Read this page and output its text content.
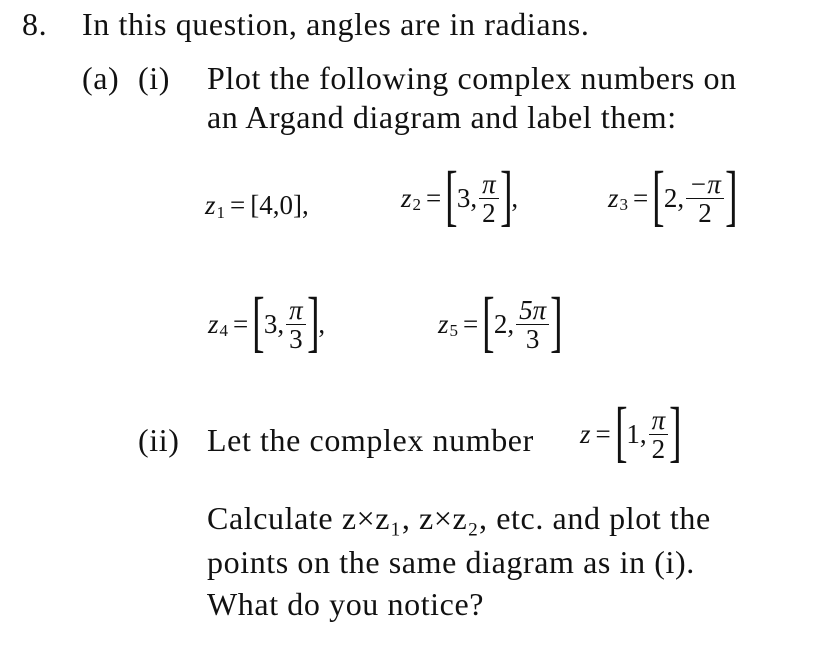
8. In this question, angles are in radians.
(a) (i) Plot the following complex numbers on
an Argand diagram and label them:
z 1 = [4,0],	z 2 = [ 3, $\frac{\pi}{2}$ ] ,	z 3 = [ 2, $\frac{-\pi}{2}$ ]
z 4 = [ 3, $\frac{\pi}{3}$ ] ,	z 5 = [ 2, $\frac{5\pi}{3}$ ]
(ii) Let the complex number z = [ 1, $\frac{\pi}{2}$ ]
Calculate z×z₁, z×z₂, etc. and plot the
points on the same diagram as in (i).
What do you notice?
